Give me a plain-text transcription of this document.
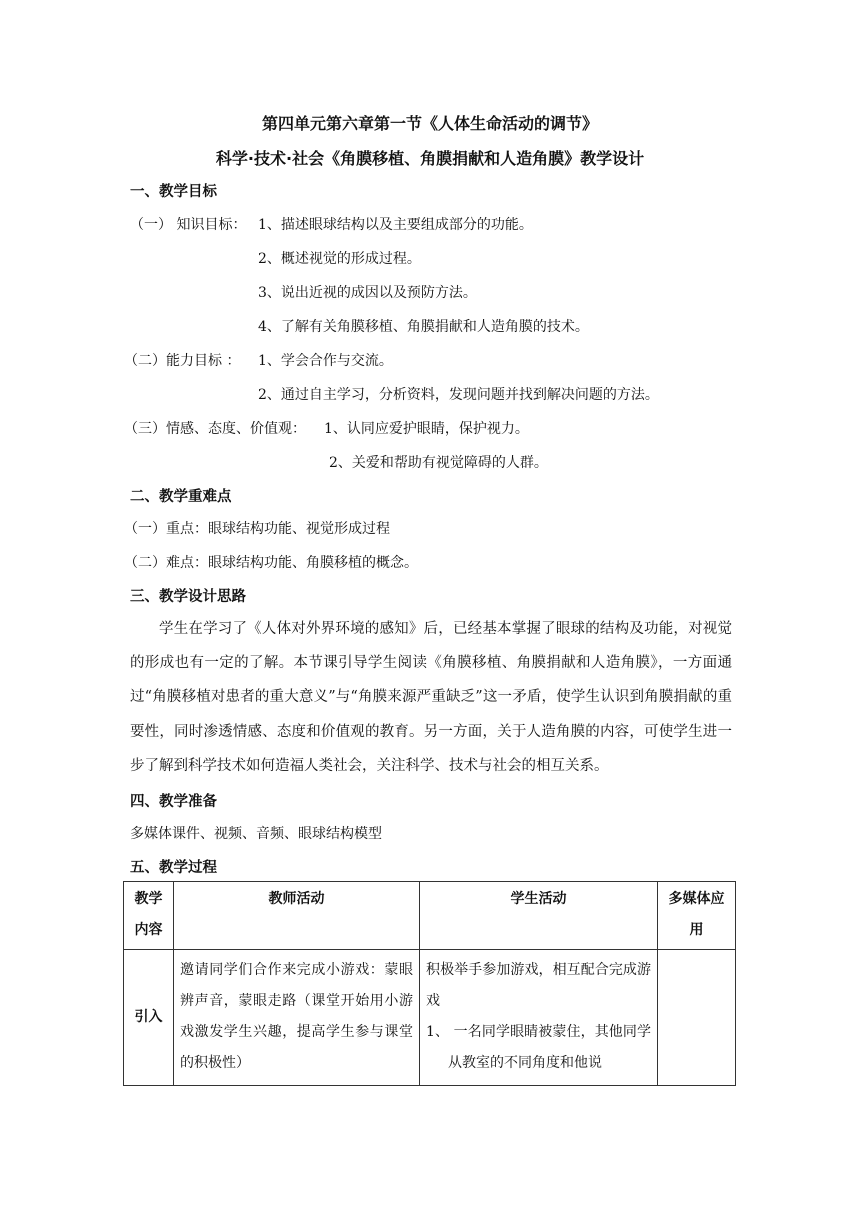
第四单元第六章第一节《人体生命活动的调节》
科学·技术·社会《角膜移植、角膜捐献和人造角膜》教学设计
一、教学目标
（一） 知识目标： 1、描述眼球结构以及主要组成部分的功能。
2、概述视觉的形成过程。
3、说出近视的成因以及预防方法。
4、了解有关角膜移植、角膜捐献和人造角膜的技术。
（二）能力目标 ： 1、学会合作与交流。
2、通过自主学习，分析资料，发现问题并找到解决问题的方法。
（三）情感、态度、价值观： 1、认同应爱护眼睛，保护视力。
2、关爱和帮助有视觉障碍的人群。
二、教学重难点
（一）重点：眼球结构功能、视觉形成过程
（二）难点：眼球结构功能、角膜移植的概念。
三、教学设计思路
学生在学习了《人体对外界环境的感知》后，已经基本掌握了眼球的结构及功能，对视觉的形成也有一定的了解。本节课引导学生阅读《角膜移植、角膜捐献和人造角膜》，一方面通过“角膜移植对患者的重大意义”与“角膜来源严重缺乏”这一矛盾，使学生认识到角膜捐献的重要性，同时渗透情感、态度和价值观的教育。另一方面，关于人造角膜的内容，可使学生进一步了解到科学技术如何造福人类社会，关注科学、技术与社会的相互关系。
四、教学准备
多媒体课件、视频、音频、眼球结构模型
五、教学过程
教学内容	教师活动	学生活动	多媒体应用
引入	邀请同学们合作来完成小游戏：蒙眼辨声音，蒙眼走路（课堂开始用小游戏激发学生兴趣，提高学生参与课堂的积极性）	积极举手参加游戏，相互配合完成游戏
1、 一名同学眼睛被蒙住，其他同学从教室的不同角度和他说	
